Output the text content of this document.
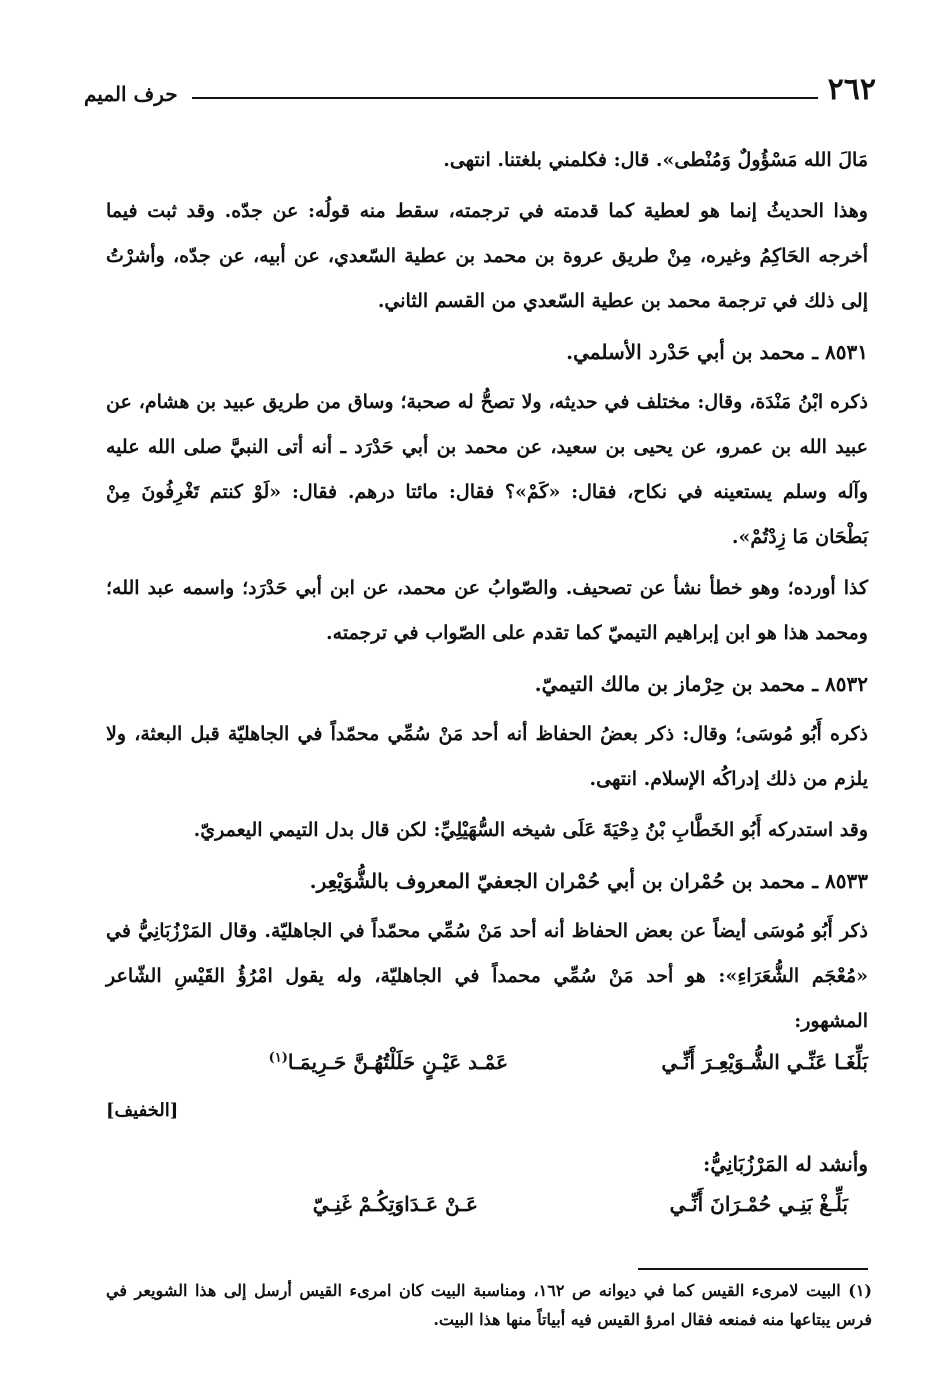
٢٦٢
حرف الميم

مَالَ الله مَسْؤُولٌ وَمُنْطى». قال: فكلمني بلغتنا. انتهى.

وهذا الحديثُ إنما هو لعطية كما قدمته في ترجمته، سقط منه قولُه: عن جدّه. وقد ثبت فيما أخرجه الحَاكِمُ وغيره، مِنْ طريق عروة بن محمد بن عطية السّعدي، عن أبيه، عن جدّه، وأشرْتُ إلى ذلك في ترجمة محمد بن عطية السّعدي من القسم الثاني.

٨٥٣١ ـ محمد بن أبي حَدْرد الأسلمي.

ذكره ابْنُ مَنْدَة، وقال: مختلف في حديثه، ولا تصحُّ له صحبة؛ وساق من طريق عبيد بن هشام، عن عبيد الله بن عمرو، عن يحيى بن سعيد، عن محمد بن أبي حَدْرَد ـ أنه أتى النبيَّ صلى الله عليه وآله وسلم يستعينه في نكاح، فقال: «كَمْ»؟ فقال: مائتا درهم. فقال: «لَوْ كنتم تَغْرِفُونَ مِنْ بَطْحَان مَا زِدْتُمْ».

كذا أورده؛ وهو خطأ نشأ عن تصحيف. والصّوابُ عن محمد، عن ابن أبي حَدْرَد؛ واسمه عبد الله؛ ومحمد هذا هو ابن إبراهيم التيميّ كما تقدم على الصّواب في ترجمته.

٨٥٣٢ ـ محمد بن حِرْماز بن مالك التيميّ.

ذكره أَبُو مُوسَى؛ وقال: ذكر بعضُ الحفاظ أنه أحد مَنْ سُمِّي محمّداً في الجاهليّة قبل البعثة، ولا يلزم من ذلك إدراكُه الإسلام. انتهى.

وقد استدركه أَبُو الخَطَّابِ بْنُ دِحْيَةَ عَلَى شيخه السُّهَيْلِيِّ: لكن قال بدل التيمي اليعمريّ.

٨٥٣٣ ـ محمد بن حُمْران بن أبي حُمْران الجعفيّ المعروف بالشُّوَيْعِر.

ذكر أَبُو مُوسَى أيضاً عن بعض الحفاظ أنه أحد مَنْ سُمِّي محمّداً في الجاهليّة. وقال المَرْزُبَانِيُّ في «مُعْجَم الشُّعَرَاءِ»: هو أحد مَنْ سُمِّي محمداً في الجاهليّة، وله يقول امْرُؤُ القَيْسِ الشّاعر المشهور:

بَلِّغَـا عَنِّـي الشُّـوَيْعِـرَ أَنِّـي
عَمْـد عَيْـنٍ حَلَلْتُهُـنَّ حَـرِيمَـا$^{(١)}$
[الخفيف]
وأنشد له المَرْزُبَانِيُّ:
بَلِّـغْ بَنِـي حُمْـرَانَ أَنِّـي
عَـنْ عَـدَاوَتِكُـمْ غَنِـيّ
(١) البيت لامرىء القيس كما في ديوانه ص ١٦٢، ومناسبة البيت كان امرىء القيس أرسل إلى هذا الشويعر في فرس يبتاعها منه فمنعه فقال امرؤ القيس فيه أبياتاً منها هذا البيت.
